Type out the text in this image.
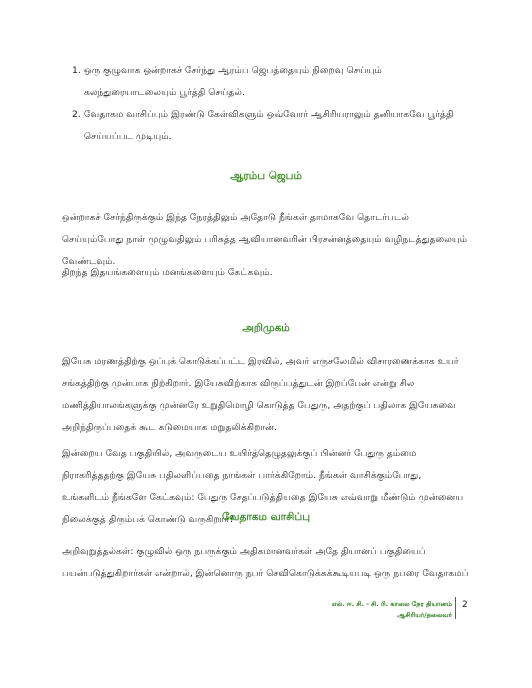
1. ஒரு குழுவாக ஒன்றாகச் சேர்ந்து ஆரம்ப ஜெபத்தையும் நிறைவு செய்யும்
கலந்துரையாடலையும் பூர்த்தி செய்தல்.
2. வேதாகம வாசிப்பும் இரண்டு கேள்விகளும் ஒவ்வோர் ஆசிரியராலும் தனியாகவே பூர்த்தி
செய்யப்பட முடியும்.
ஆரம்ப ஜெபம்

ஒன்றாகச் சேர்ந்திருக்கும் இந்த நேரத்திலும் அதோடு நீங்கள் தாமாகவே தொடர்படல்
செய்யும்போது நாள் முழுவதிலும் பரிசுத்த ஆவியானவரின் பிரசன்னத்தையும் வழிநடத்துதலையும்
வேண்டவும்.

திறந்த இதயங்களையும் மனங்களையும் கேட்கவும்.

அறிமுகம்

இயேசு மரணத்திற்கு ஒப்புக் கொடுக்கப்பட்ட இரவில், அவர் எருசலேமில் விசாரணைக்காக உயர்
சங்கத்திற்கு முன்பாக நிற்கிறார். இயேசுவிற்காக விருப்பத்துடன் இறப்பேன் என்று சில
மணித்தியாலங்களுக்கு முன்னரே உறுதிமொழி கொடுத்த பேதுரு, அதற்குப் பதிலாக இயேசுவை
அறிந்திருப்பதைக் கூட கடுமையாக மறுதலிக்கிறான்.

இன்றைய வேத பகுதியில், அவருடைய உயிர்த்தெழுதலுக்குப் பின்னர் பேதுரு தம்மை
நிராகரித்ததற்கு இயேசு பதிலளிப்பதை நாங்கள் பார்க்கிறோம். நீங்கள் வாசிக்கும்போது,
உங்களிடம் நீங்களே கேட்கவும்: பேதுரு சேதப்படுத்தியதை இயேசு எவ்வாறு மீண்டும் முன்னைய
நிலைக்குத் திரும்பக் கொண்டு வருகிறார்?

வேதாகம வாசிப்பு

அறிவுறுத்தல்கள்: குழுவில் ஒரு நபருக்கும் அதிகமானவர்கள் அதே தியானப் பகுதியைப்
பயன்படுத்துகிறார்கள் என்றால், இன்னொரு நபர் செவிகொடுக்கக்கூடியபடி ஒரு நபரை வேதாகமப்

எல். ஈ. சி. - சி. ரி. காலை நேர தியானம்
ஆசிரியர்/தலைவர்
2
